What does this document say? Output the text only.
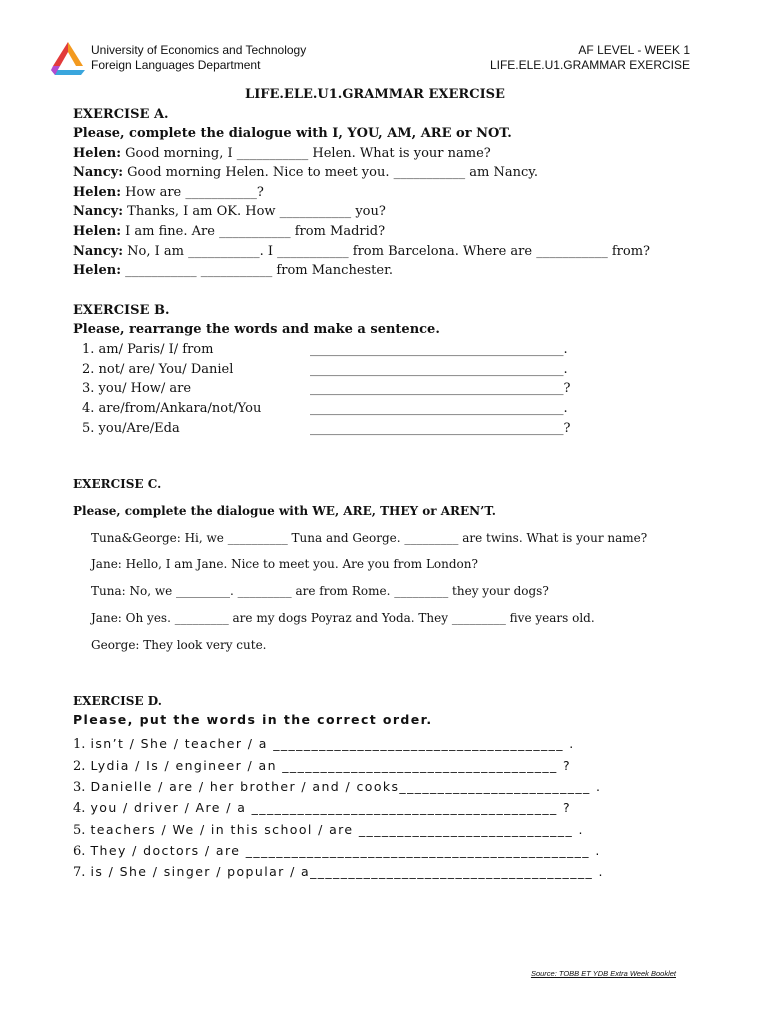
University of Economics and Technology
Foreign Languages Department
AF LEVEL - WEEK 1
LIFE.ELE.U1.GRAMMAR EXERCISE
LIFE.ELE.U1.GRAMMAR EXERCISE
EXERCISE A.
Please, complete the dialogue with I, YOU, AM, ARE or NOT.
Helen: Good morning, I ___________ Helen. What is your name?
Nancy: Good morning Helen. Nice to meet you. ___________ am Nancy.
Helen: How are ___________?
Nancy: Thanks, I am OK. How ___________ you?
Helen: I am fine. Are ___________ from Madrid?
Nancy: No, I am ___________. I ___________ from Barcelona. Where are ___________ from?
Helen: ___________ ___________ from Manchester.
EXERCISE B.
Please, rearrange the words and make a sentence.
1. am/ Paris/ I/ from	_______________________________________.
2. not/ are/ You/ Daniel	_______________________________________.
3. you/ How/ are	_______________________________________?
4. are/from/Ankara/not/You	_______________________________________.
5. you/Are/Eda	_______________________________________?
EXERCISE C.
Please, complete the dialogue with WE, ARE, THEY or AREN’T.
Tuna&George: Hi, we __________ Tuna and George. _________ are twins. What is your name?
Jane: Hello, I am Jane. Nice to meet you. Are you from London?
Tuna: No, we _________. _________ are from Rome. _________ they your dogs?
Jane: Oh yes. _________ are my dogs Poyraz and Yoda. They _________ five years old.
George: They look very cute.
EXERCISE D.
Please, put the words in the correct order.
1. isn’t / She / teacher / a ______________________________________ .
2. Lydia / Is / engineer / an ____________________________________ ?
3. Danielle / are / her brother / and / cooks_________________________ .
4. you / driver / Are / a ________________________________________ ?
5. teachers / We / in this school / are ____________________________ .
6. They / doctors / are _____________________________________________ .
7. is / She / singer / popular / a_____________________________________ .
Source: TOBB ET YDB Extra Week Booklet
